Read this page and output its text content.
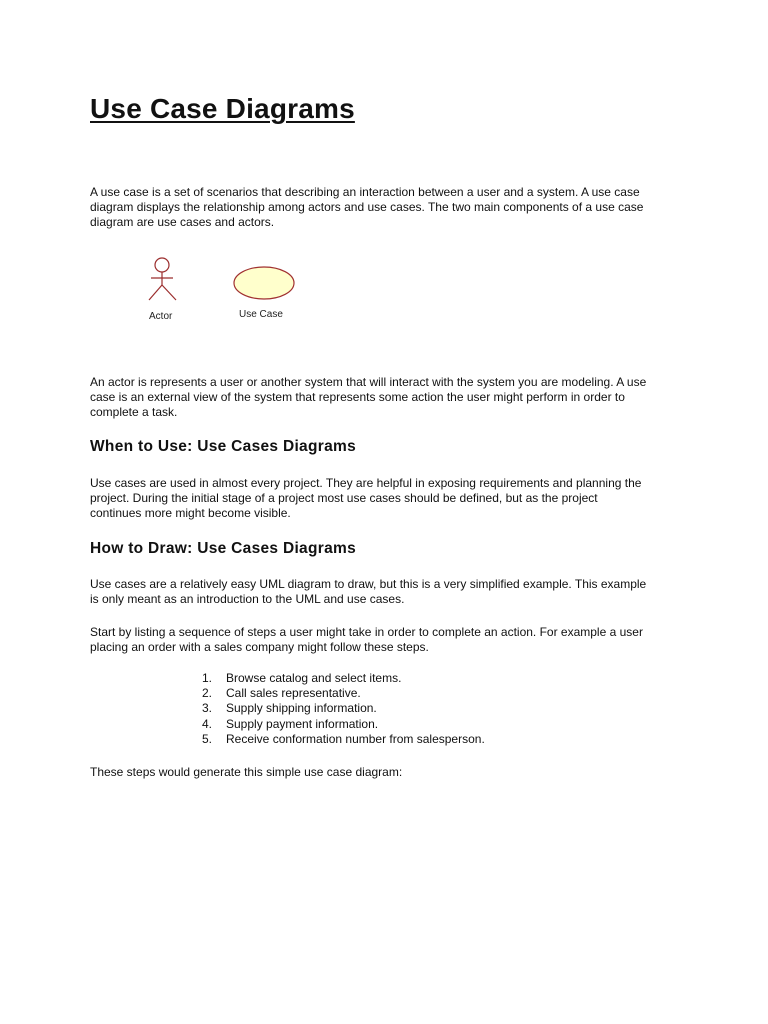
Use Case Diagrams

A use case is a set of scenarios that describing an interaction between a user and a system. A use case
diagram displays the relationship among actors and use cases. The two main components of a use case
diagram are use cases and actors.

Actor	Use Case

An actor is represents a user or another system that will interact with the system you are modeling. A use
case is an external view of the system that represents some action the user might perform in order to
complete a task.

When to Use: Use Cases Diagrams

Use cases are used in almost every project. They are helpful in exposing requirements and planning the
project. During the initial stage of a project most use cases should be defined, but as the project
continues more might become visible.

How to Draw: Use Cases Diagrams

Use cases are a relatively easy UML diagram to draw, but this is a very simplified example. This example
is only meant as an introduction to the UML and use cases.

Start by listing a sequence of steps a user might take in order to complete an action. For example a user
placing an order with a sales company might follow these steps.

1.	Browse catalog and select items.
2.	Call sales representative.
3.	Supply shipping information.
4.	Supply payment information.
5.	Receive conformation number from salesperson.

These steps would generate this simple use case diagram:
